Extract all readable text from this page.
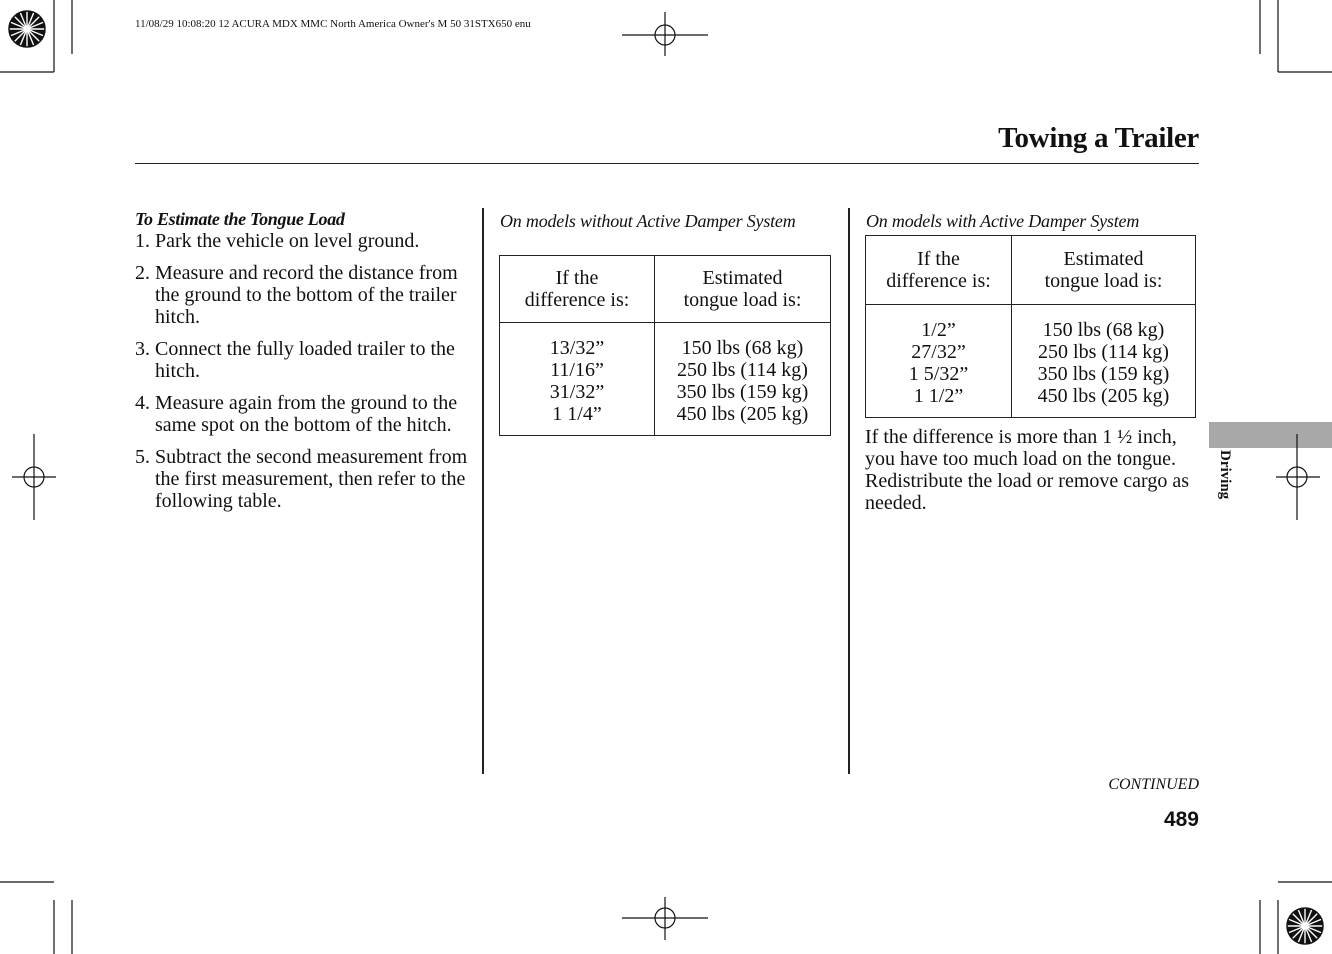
11/08/29 10:08:20 12 ACURA MDX MMC North America Owner's M 50 31STX650 enu
Towing a Trailer
To Estimate the Tongue Load
1. Park the vehicle on level ground.
2. Measure and record the distance from the ground to the bottom of the trailer hitch.
3. Connect the fully loaded trailer to the hitch.
4. Measure again from the ground to the same spot on the bottom of the hitch.
5. Subtract the second measurement from the first measurement, then refer to the following table.
On models without Active Damper System
If the
difference is:	Estimated
tongue load is:

13/32”
11/16”
31/32”
1 1/4”	150 lbs (68 kg)
250 lbs (114 kg)
350 lbs (159 kg)
450 lbs (205 kg)
On models with Active Damper System
If the
difference is:	Estimated
tongue load is:

1/2”
27/32”
1 5/32”
1 1/2”	150 lbs (68 kg)
250 lbs (114 kg)
350 lbs (159 kg)
450 lbs (205 kg)
If the difference is more than 1 ½ inch, you have too much load on the tongue. Redistribute the load or remove cargo as needed.
Driving
CONTINUED
489
